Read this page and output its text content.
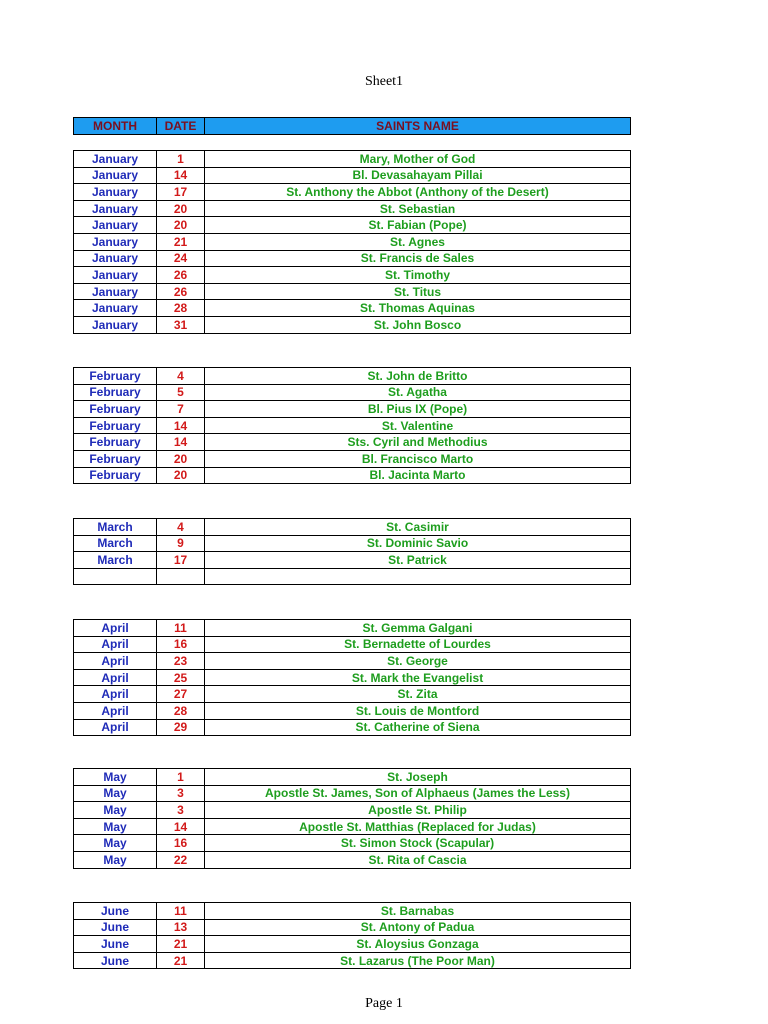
Sheet1
MONTH	DATE	SAINTS NAME
January	1	Mary, Mother of God
January	14	Bl. Devasahayam Pillai
January	17	St. Anthony the Abbot (Anthony of the Desert)
January	20	St. Sebastian
January	20	St. Fabian (Pope)
January	21	St. Agnes
January	24	St. Francis de Sales
January	26	St. Timothy
January	26	St. Titus
January	28	St. Thomas Aquinas
January	31	St. John Bosco
February	4	St. John de Britto
February	5	St. Agatha
February	7	Bl. Pius IX (Pope)
February	14	St. Valentine
February	14	Sts. Cyril and Methodius
February	20	Bl. Francisco Marto
February	20	Bl. Jacinta Marto
March	4	St. Casimir
March	9	St. Dominic Savio
March	17	St. Patrick

April	11	St. Gemma Galgani
April	16	St. Bernadette of Lourdes
April	23	St. George
April	25	St. Mark the Evangelist
April	27	St. Zita
April	28	St. Louis de Montford
April	29	St. Catherine of Siena
May	1	St. Joseph
May	3	Apostle St. James, Son of Alphaeus (James the Less)
May	3	Apostle St. Philip
May	14	Apostle St. Matthias (Replaced for Judas)
May	16	St. Simon Stock (Scapular)
May	22	St. Rita of Cascia
June	11	St. Barnabas
June	13	St. Antony of Padua
June	21	St. Aloysius Gonzaga
June	21	St. Lazarus (The Poor Man)
Page 1
